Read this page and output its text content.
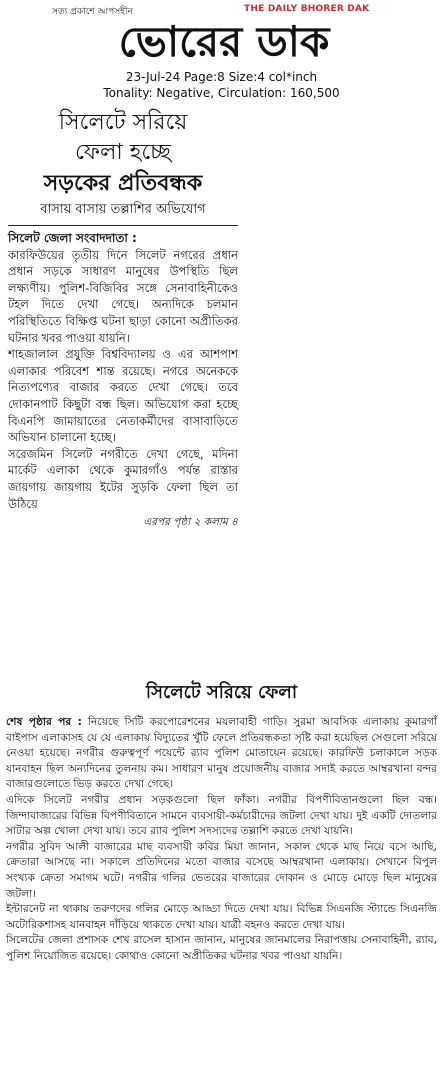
সত্য প্রকাশে আপসহীন	THE DAILY BHORER DAK
ভোরের ডাক
23-Jul-24 Page:8 Size:4 col*inch
Tonality: Negative, Circulation: 160,500
সিলেটে সরিয়ে
ফেলা হচ্ছে
সড়কের প্রতিবন্ধক
বাসায় বাসায় তল্লাশির অভিযোগ
সিলেট জেলা সংবাদদাতা :

কারফিউয়ের তৃতীয় দিনে সিলেট নগরের প্রধান প্রধান সড়কে সাধারণ মানুষের উপস্থিতি ছিল লক্ষ্যণীয়। পুলিশ-বিজিবির সঙ্গে সেনাবাহিনীকেও টহল দিতে দেখা গেছে। অন্যদিকে চলমান পরিস্থিতিতে বিক্ষিপ্ত ঘটনা ছাড়া কোনো অপ্রীতিকর ঘটনার খবর পাওয়া যায়নি।

শাহজালাল প্রযুক্তি বিশ্ববিদ্যালয় ও এর আশপাশ এলাকার পরিবেশ শান্ত রয়েছে। নগরে অনেককে নিত্যপণ্যের বাজার করতে দেখা গেছে। তবে দোকানপাট কিছুটা বন্ধ ছিল। অভিযোগ করা হচ্ছে বিএনপি জামায়াতের নেতাকর্মীদের বাসাবাড়িতে অভিযান চালানো হচ্ছে।

সরেজমিন সিলেট নগরীতে দেখা গেছে, মদিনা মার্কেট এলাকা থেকে কুমারগাঁও পর্যন্ত রাস্তার জায়গায় জায়গায় ইটের সুড়কি ফেলা ছিল তা উঠিয়ে

এরপর পৃষ্ঠা ২ কলাম ৪
সিলেটে সরিয়ে ফেলা

শেষ পৃষ্ঠার পর : নিয়েছে সিটি করপোরেশনের ময়লাবাহী গাড়ি। সুরমা আবসিক এলাকায় কুমারগাঁ বাইপাস এলাকাসহ যে যে এলাকায় বিদ্যুতের খুঁটি ফেলে প্রতিবন্ধকতা সৃষ্টি করা হয়েছিল সেগুলো সরিয়ে নেওয়া হয়েছে। নগরীর গুরুত্বপূর্ণ পয়েন্টে র‍্যাব পুলিশ মোতায়েন রয়েছে। কারফিউ চলাকালে সড়ক যানবাহন ছিল অন্যদিনের তুলনায় কম। সাধারণ মানুষ প্রয়োজনীয় বাজার সদাই করতে আম্বরখানা বন্দর বাজারগুলোতে ভিড় করতে দেখা গেছে।

এদিকে সিলেট নগরীর প্রধান সড়কগুলো ছিল ফাঁকা। নগরীর বিপণীবিতানগুলো ছিল বন্ধ। জিন্দাবাজারের বিভিন্ন বিপণীবিতানে সামনে ব্যবসায়ী-কর্মচারীদের জটলা দেখা যায়। দুই একটি দোতলার সাটার অল্প খোলা দেখা যায়। তবে র‍্যাব পুলিশ সদস্যদের তল্লাশি করতে দেখা যায়নি।

নগরীর সুবিদ আলী বাজারের মাছ ব্যবসায়ী কবির মিয়া জানান, সকাল থেকে মাছ নিয়ে বসে আছি, ক্রেতারা আসছে না। সকালে প্রতিদিনের মতো বাজার বসেছে আম্বরখানা এলাকায়। সেখানে বিপুল সংখ্যক ক্রেতা সমাগম ঘটে। নগরীর গলির ভেতরের বাজারের দোকান ও মোড়ে মোড়ে ছিল মানুষের জটলা।

ইন্টারনেট না থাকায় তরুণদের গলির মোড়ে আড্ডা দিতে দেখা যায়। বিভিন্ন সিএনজি স্ট্যান্ডে সিএনজি অটোরিকশাসহ যানবাহন দাঁড়িয়ে থাকতে দেখা যায়। যাত্রী বহনও করতে দেখা যায়।

সিলেটের জেলা প্রশাসক শেখ রাসেল হাসান জানান, মানুষের জানমালের নিরাপত্তায় সেনাবাহিনী, র‍্যাব, পুলিশ নিয়োজিত রয়েছে। কোথাও কোনো অপ্রীতিকর ঘটনার খবর পাওয়া যায়নি।
